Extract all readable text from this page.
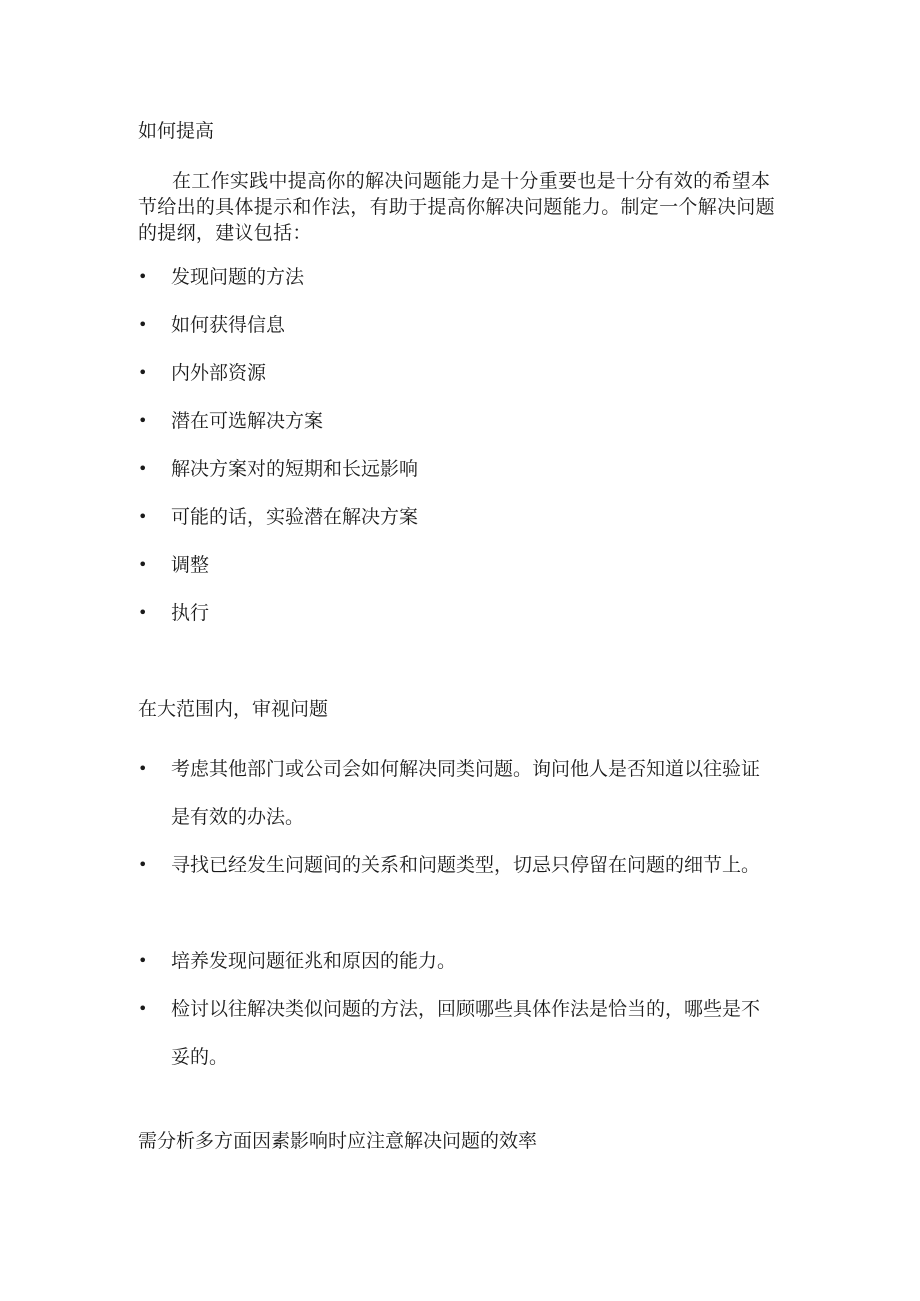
如何提高
在工作实践中提高你的解决问题能力是十分重要也是十分有效的希望本节给出的具体提示和作法，有助于提高你解决问题能力。制定一个解决问题的提纲，建议包括：
• 发现问题的方法
• 如何获得信息
• 内外部资源
• 潜在可选解决方案
• 解决方案对的短期和长远影响
• 可能的话，实验潜在解决方案
• 调整
• 执行
在大范围内，审视问题
• 考虑其他部门或公司会如何解决同类问题。询问他人是否知道以往验证是有效的办法。
• 寻找已经发生问题间的关系和问题类型，切忌只停留在问题的细节上。
• 培养发现问题征兆和原因的能力。
• 检讨以往解决类似问题的方法，回顾哪些具体作法是恰当的，哪些是不妥的。
需分析多方面因素影响时应注意解决问题的效率
